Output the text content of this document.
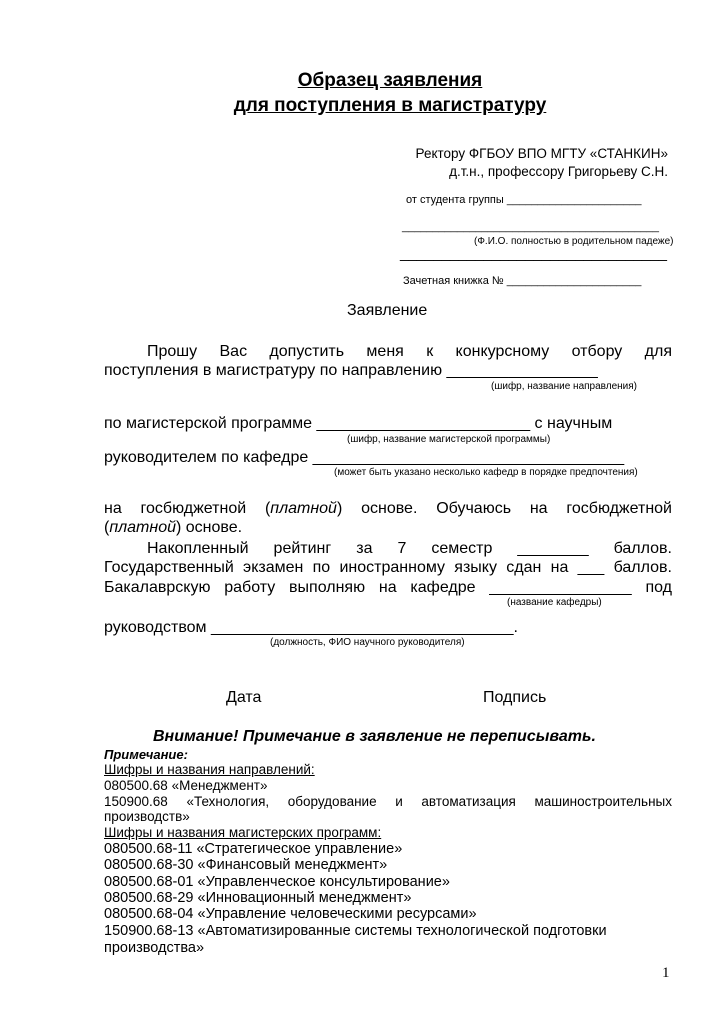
Образец заявления
для поступления в магистратуру
Ректору ФГБОУ ВПО МГТУ «СТАНКИН»
д.т.н., профессору Григорьеву С.Н.
от студента группы ______________________
__________________________________________
(Ф.И.О. полностью в родительном падеже)
________________________________
Зачетная книжка № ______________________
Заявление
Прошу Вас допустить меня к конкурсному отбору для
поступления в магистратуру по направлению _________________
(шифр, название направления)
по магистерской программе ________________________ с научным
(шифр, название магистерской программы)
руководителем по кафедре ___________________________________
(может быть указано несколько кафедр в порядке предпочтения)
на госбюджетной (платной) основе. Обучаюсь на госбюджетной
(платной) основе.
Накопленный рейтинг за 7 семестр ________ баллов.
Государственный экзамен по иностранному языку сдан на ___ баллов.
Бакалаврскую работу выполняю на кафедре ________________ под
(название кафедры)
руководством __________________________________.
(должность, ФИО научного руководителя)
Дата	Подпись
Внимание! Примечание в заявление не переписывать.
Примечание:
Шифры и названия направлений:
080500.68 «Менеджмент»
150900.68 «Технология, оборудование и автоматизация машиностроительных
производств»
Шифры и названия магистерских программ:
080500.68-11 «Стратегическое управление»
080500.68-30 «Финансовый менеджмент»
080500.68-01 «Управленческое консультирование»
080500.68-29 «Инновационный менеджмент»
080500.68-04 «Управление человеческими ресурсами»
150900.68-13 «Автоматизированные системы технологической подготовки
производства»
1
